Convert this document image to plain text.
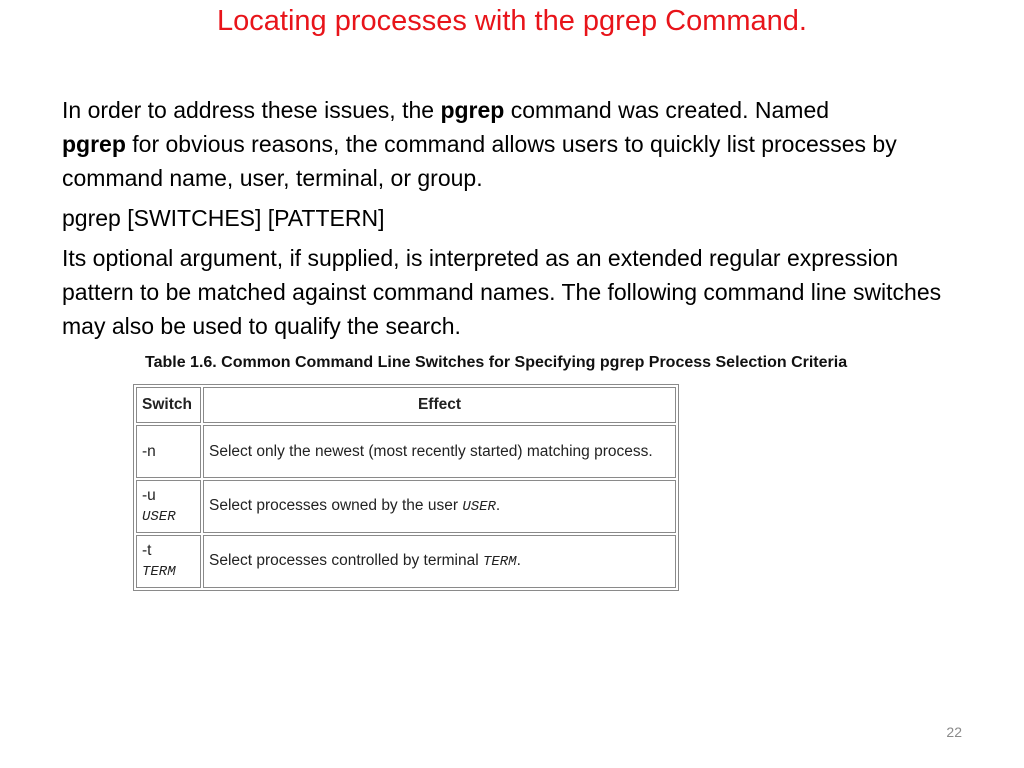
Locating processes with the pgrep Command.

In order to address these issues, the pgrep command was created. Named
pgrep for obvious reasons, the command allows users to quickly list processes by command name, user, terminal, or group.

pgrep [SWITCHES] [PATTERN]

Its optional argument, if supplied, is interpreted as an extended regular expression pattern to be matched against command names. The following command line switches may also be used to qualify the search.

Table 1.6. Common Command Line Switches for Specifying pgrep Process Selection Criteria
Switch	Effect
-n	Select only the newest (most recently started) matching process.
-u
USER	Select processes owned by the user USER.
-t
TERM	Select processes controlled by terminal TERM.
22
